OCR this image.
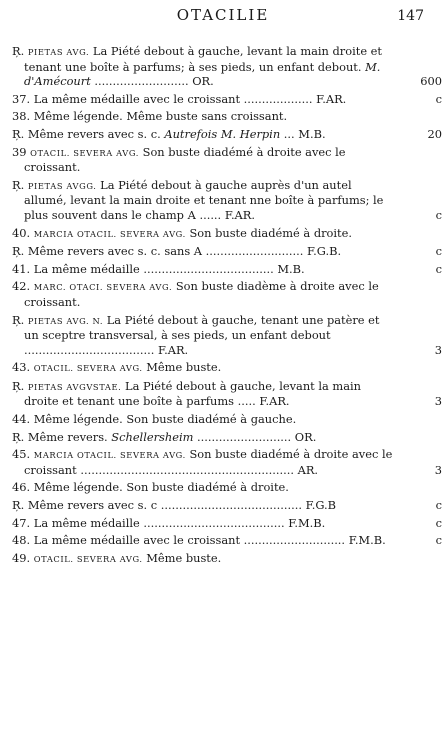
OTACILIE	147
Ŗ. PIETAS AVG. La Piété debout à gauche, levant la main droite et tenant une boîte à parfums; à ses pieds, un enfant debout. M. d'Amécourt .......................... OR.	600
37. La même médaille avec le croissant ................... F.AR.	c
38. Même légende. Même buste sans croissant.
Ŗ. Même revers avec s. c. Autrefois M. Herpin ... M.B.	20
39 OTACIL. SEVERA AVG. Son buste diadémé à droite avec le croissant.
Ŗ. PIETAS AVGG. La Piété debout à gauche auprès d'un autel allumé, levant la main droite et tenant nne boîte à parfums; le plus souvent dans le champ A ...... F.AR.	c
40. MARCIA OTACIL. SEVERA AVG. Son buste diadémé à droite.
Ŗ. Même revers avec s. c. sans A ........................... F.G.B.	c
41. La même médaille .................................... M.B.	c
42. MARC. OTACI. SEVERA AVG. Son buste diadème à droite avec le croissant.
Ŗ. PIETAS AVG. N. La Piété debout à gauche, tenant une patère et un sceptre transversal, à ses pieds, un enfant debout .................................... F.AR.	3
43. OTACIL. SEVERA AVG. Même buste.
Ŗ. PIETAS AVGVSTAE. La Piété debout à gauche, levant la main droite et tenant une boîte à parfums ..... F.AR.	3
44. Même légende. Son buste diadémé à gauche.
Ŗ. Même revers. Schellersheim .......................... OR.
45. MARCIA OTACIL. SEVERA AVG. Son buste diadémé à droite avec le croissant ........................................................... AR.	3
46. Même légende. Son buste diadémé à droite.
Ŗ. Même revers avec s. c ....................................... F.G.B	c
47. La même médaille ....................................... F.M.B.	c
48. La même médaille avec le croissant ............................ F.M.B.	c
49. OTACIL. SEVERA AVG. Même buste.
